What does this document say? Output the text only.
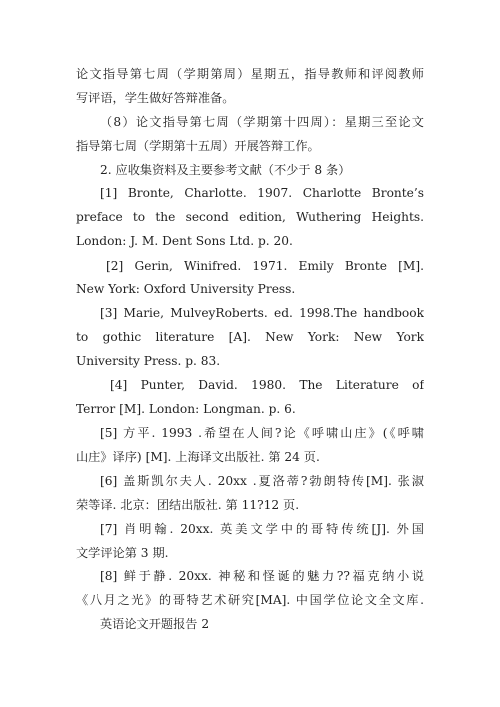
论文指导第七周（学期第周）星期五，指导教师和评阅教师
写评语，学生做好答辩准备。
（8）论文指导第七周（学期第十四周）：星期三至论文
指导第七周（学期第十五周）开展答辩工作。
2. 应收集资料及主要参考文献（不少于 8 条）
[1] Bronte, Charlotte. 1907. Charlotte Bronte’s
preface to the second edition, Wuthering Heights.
London: J. M. Dent Sons Ltd. p. 20.
[2] Gerin, Winifred. 1971. Emily Bronte [M].
New York: Oxford University Press.
[3] Marie, MulveyRoberts. ed. 1998.The handbook
to gothic literature [A]. New York: New York
University Press. p. 83.
[4] Punter, David. 1980. The Literature of
Terror [M]. London: Longman. p. 6.
[5] 方平. 1993 .希望在人间?论《呼啸山庄》(《呼啸
山庄》译序) [M]. 上海译文出版社. 第 24 页.
[6] 盖斯凯尔夫人. 20xx .夏洛蒂?勃朗特传[M]. 张淑
荣等译. 北京：团结出版社. 第 11?12 页.
[7] 肖明翰. 20xx. 英美文学中的哥特传统[J]. 外国
文学评论第 3 期.
[8] 鲜于静. 20xx. 神秘和怪诞的魅力??福克纳小说
《八月之光》的哥特艺术研究[MA]. 中国学位论文全文库.
英语论文开题报告 2
